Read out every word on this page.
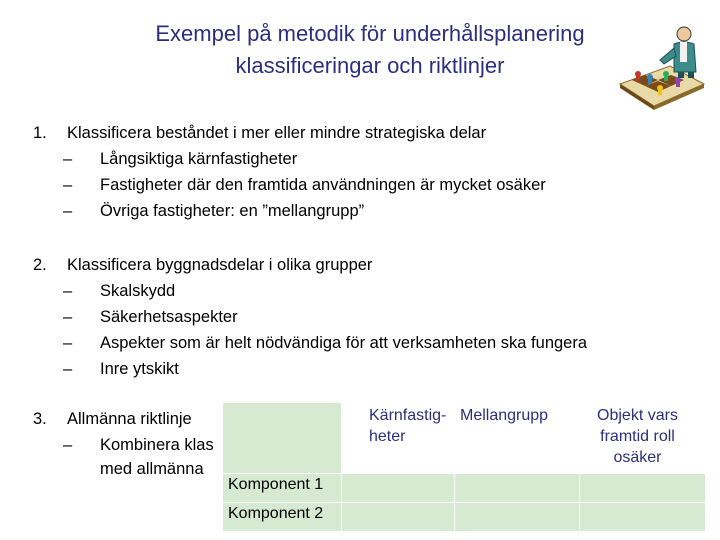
Exempel på metodik för underhållsplanering
klassificeringar och riktlinjer
1.	Klassificera beståndet i mer eller mindre strategiska delar
– Långsiktiga kärnfastigheter
– Fastigheter där den framtida användningen är mycket osäker
– Övriga fastigheter: en ”mellangrupp”
2.	Klassificera byggnadsdelar i olika grupper
– Skalskydd
– Säkerhetsaspekter
– Aspekter som är helt nödvändiga för att verksamheten ska fungera
– Inre ytskikt
3.	Allmänna riktlinje
– Kombinera klas
med allmänna
	Kärnfastig-heter	Mellangrupp	Objekt vars framtid roll osäker
Komponent 1			
Komponent 2			
